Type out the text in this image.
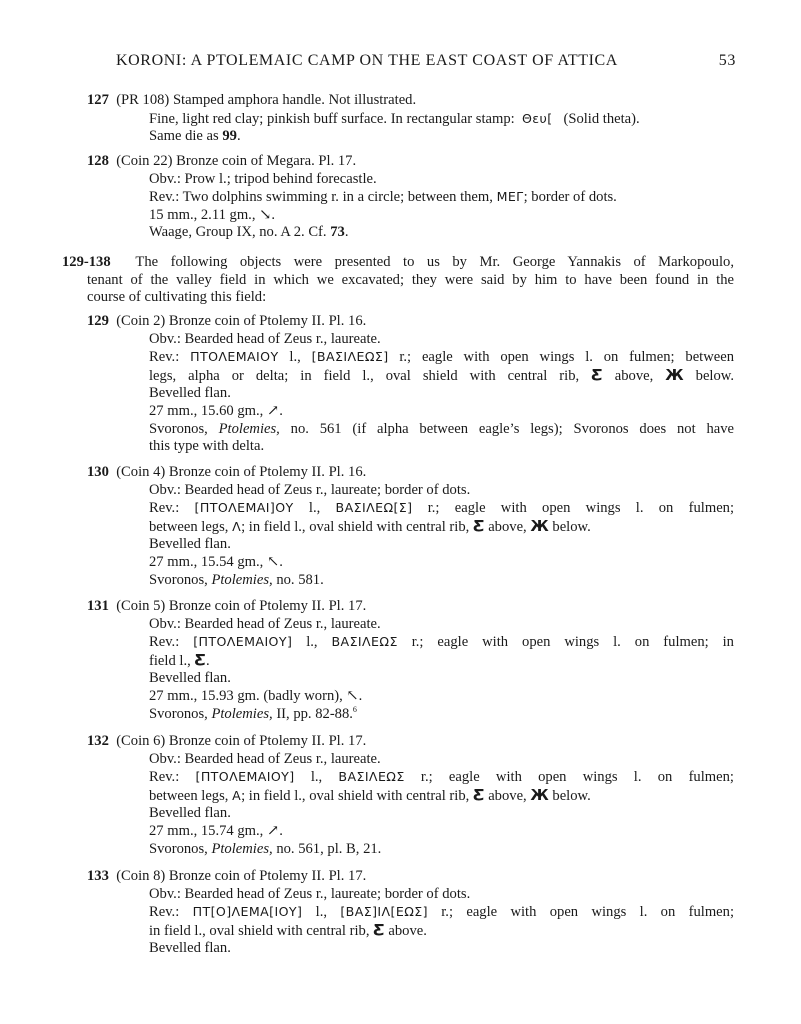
KORONI: A PTOLEMAIC CAMP ON THE EAST COAST OF ATTICA	53
127 (PR 108) Stamped amphora handle. Not illustrated.
Fine, light red clay; pinkish buff surface. In rectangular stamp: Θευ[ (Solid theta).
Same die as 99.
128 (Coin 22) Bronze coin of Megara. Pl. 17.
Obv.: Prow l.; tripod behind forecastle.
Rev.: Two dolphins swimming r. in a circle; between them, ΜΕΓ; border of dots.
15 mm., 2.11 gm., ↘.
Waage, Group IX, no. A 2. Cf. 73.
129-138 The following objects were presented to us by Mr. George Yannakis of Markopoulo,
tenant of the valley field in which we excavated; they were said by him to have been found in the
course of cultivating this field:
129 (Coin 2) Bronze coin of Ptolemy II. Pl. 16.
Obv.: Bearded head of Zeus r., laureate.
Rev.: ΠΤΟΛΕΜΑΙΟΥ l., [ΒΑΣΙΛΕΩΣ] r.; eagle with open wings l. on fulmen; between
legs, alpha or delta; in field l., oval shield with central rib, Ƹ above, Ж below.
Bevelled flan.
27 mm., 15.60 gm., ↗.
Svoronos, Ptolemies, no. 561 (if alpha between eagle’s legs); Svoronos does not have
this type with delta.
130 (Coin 4) Bronze coin of Ptolemy II. Pl. 16.
Obv.: Bearded head of Zeus r., laureate; border of dots.
Rev.: [ΠΤΟΛΕΜΑΙ]ΟΥ l., ΒΑΣΙΛΕΩ[Σ] r.; eagle with open wings l. on fulmen;
between legs, Λ; in field l., oval shield with central rib, Ƹ above, Ж below.
Bevelled flan.
27 mm., 15.54 gm., ↖.
Svoronos, Ptolemies, no. 581.
131 (Coin 5) Bronze coin of Ptolemy II. Pl. 17.
Obv.: Bearded head of Zeus r., laureate.
Rev.: [ΠΤΟΛΕΜΑΙΟΥ] l., ΒΑΣΙΛΕΩΣ r.; eagle with open wings l. on fulmen; in
field l., Ƹ.
Bevelled flan.
27 mm., 15.93 gm. (badly worn), ↖.
Svoronos, Ptolemies, II, pp. 82-88.$^6$
132 (Coin 6) Bronze coin of Ptolemy II. Pl. 17.
Obv.: Bearded head of Zeus r., laureate.
Rev.: [ΠΤΟΛΕΜΑΙΟΥ] l., ΒΑΣΙΛΕΩΣ r.; eagle with open wings l. on fulmen;
between legs, Α; in field l., oval shield with central rib, Ƹ above, Ж below.
Bevelled flan.
27 mm., 15.74 gm., ↗.
Svoronos, Ptolemies, no. 561, pl. B, 21.
133 (Coin 8) Bronze coin of Ptolemy II. Pl. 17.
Obv.: Bearded head of Zeus r., laureate; border of dots.
Rev.: ΠΤ[Ο]ΛΕΜΑ[ΙΟΥ] l., [ΒΑΣ]ΙΛ[ΕΩΣ] r.; eagle with open wings l. on fulmen;
in field l., oval shield with central rib, Ƹ above.
Bevelled flan.
